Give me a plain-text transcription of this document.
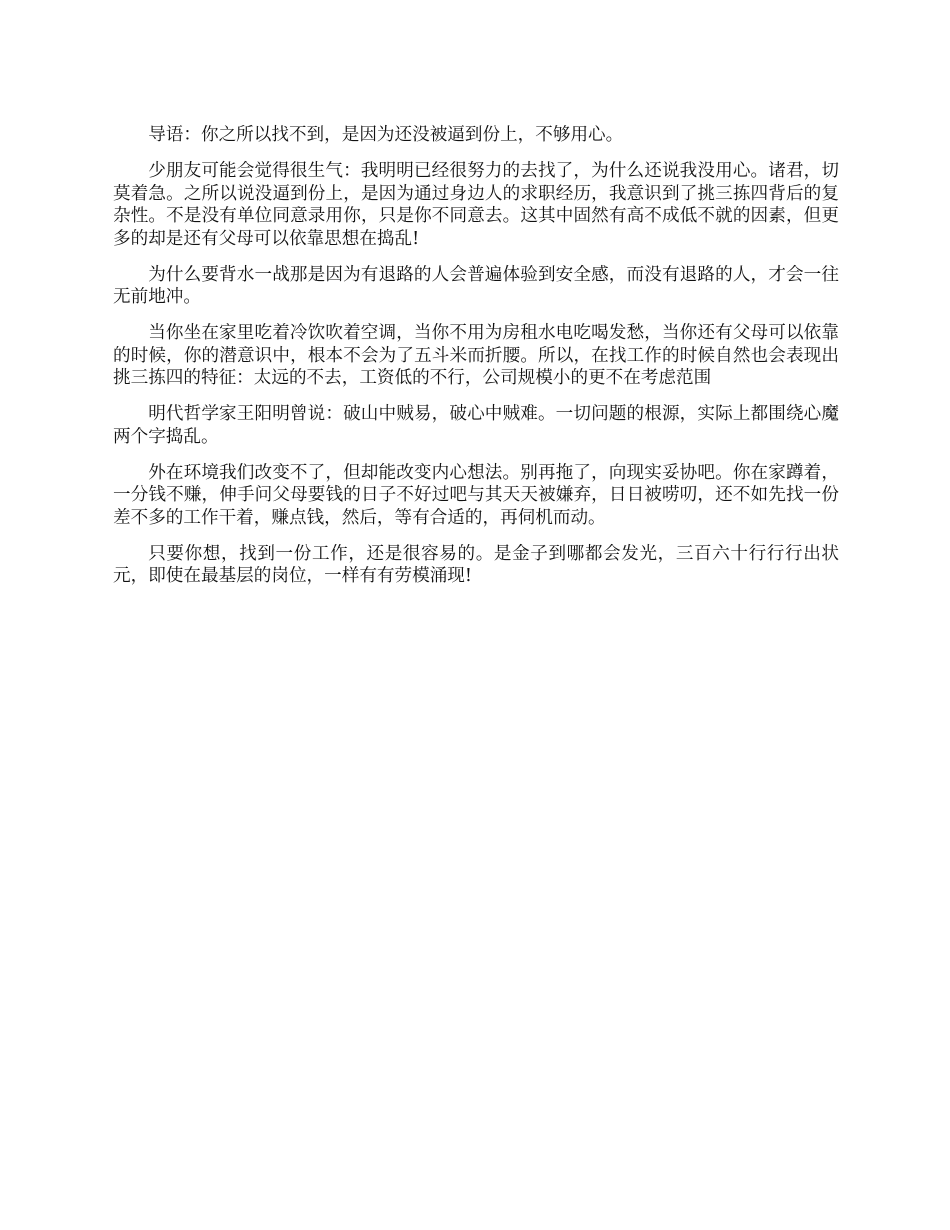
导语：你之所以找不到，是因为还没被逼到份上，不够用心。

少朋友可能会觉得很生气：我明明已经很努力的去找了，为什么还说我没用心。诸君，切莫着急。之所以说没逼到份上，是因为通过身边人的求职经历，我意识到了挑三拣四背后的复杂性。不是没有单位同意录用你，只是你不同意去。这其中固然有高不成低不就的因素，但更多的却是还有父母可以依靠思想在捣乱!

为什么要背水一战那是因为有退路的人会普遍体验到安全感，而没有退路的人，才会一往无前地冲。

当你坐在家里吃着冷饮吹着空调，当你不用为房租水电吃喝发愁，当你还有父母可以依靠的时候，你的潜意识中，根本不会为了五斗米而折腰。所以，在找工作的时候自然也会表现出挑三拣四的特征：太远的不去，工资低的不行，公司规模小的更不在考虑范围

明代哲学家王阳明曾说：破山中贼易，破心中贼难。一切问题的根源，实际上都围绕心魔两个字捣乱。

外在环境我们改变不了，但却能改变内心想法。别再拖了，向现实妥协吧。你在家蹲着，一分钱不赚，伸手问父母要钱的日子不好过吧与其天天被嫌弃，日日被唠叨，还不如先找一份差不多的工作干着，赚点钱，然后，等有合适的，再伺机而动。

只要你想，找到一份工作，还是很容易的。是金子到哪都会发光，三百六十行行行出状元，即使在最基层的岗位，一样有有劳模涌现!
